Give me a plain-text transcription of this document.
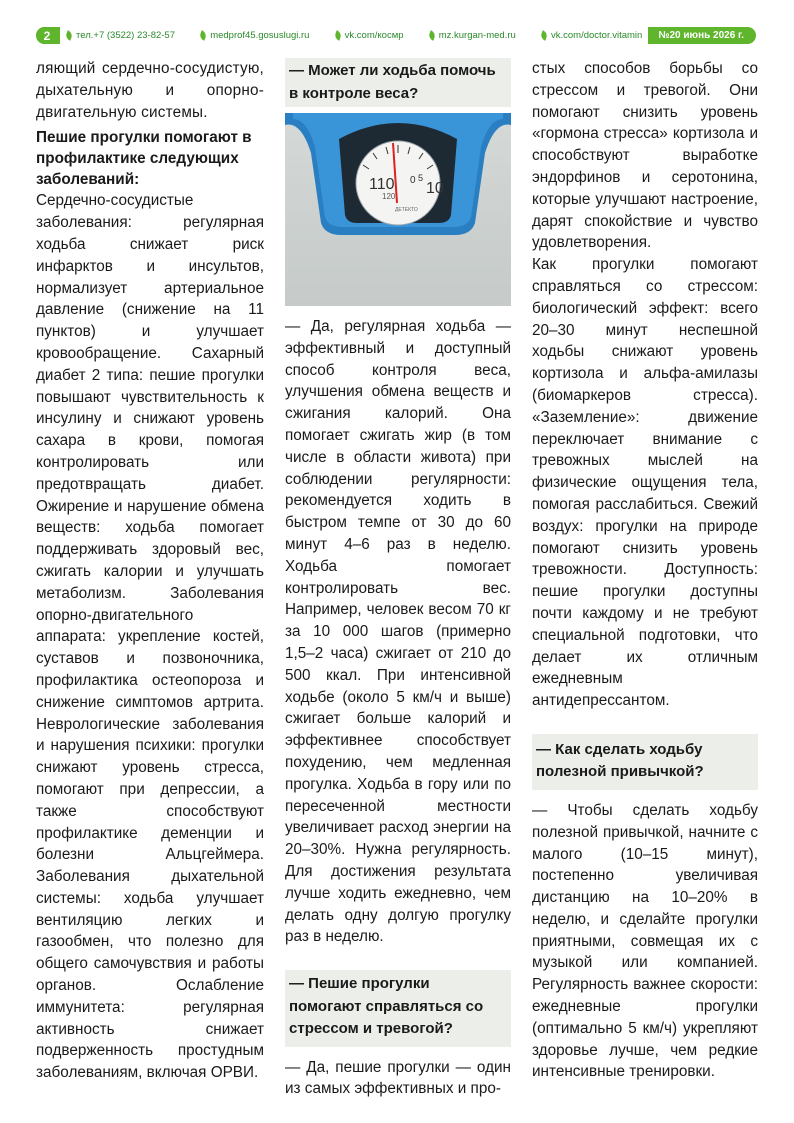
2	тел.+7 (3522) 23-82-57	medprof45.gosuslugi.ru	vk.com/космр	mz.kurgan-med.ru	vk.com/doctor.vitamin	№20 июнь 2026 г.

ляющий сердечно-сосудистую, дыхательную и опорно-двигательную системы.

Пешие прогулки помогают в профилактике следующих заболеваний:

Сердечно-сосудистые заболевания: регулярная ходьба снижает риск инфарктов и инсультов, нормализует артериальное давление (снижение на 11 пунктов) и улучшает кровообращение. Сахарный диабет 2 типа: пешие прогулки повышают чувствительность к инсулину и снижают уровень сахара в крови, помогая контролировать или предотвращать диабет. Ожирение и нарушение обмена веществ: ходьба помогает поддерживать здоровый вес, сжигать калории и улучшать метаболизм. Заболевания опорно-двигательного аппарата: укрепление костей, суставов и позвоночника, профилактика остеопороза и снижение симптомов артрита. Неврологические заболевания и нарушения психики: прогулки снижают уровень стресса, помогают при депрессии, а также способствуют профилактике деменции и болезни Альцгеймера. Заболевания дыхательной системы: ходьба улучшает вентиляцию легких и газообмен, что полезно для общего самочувствия и работы органов. Ослабление иммунитета: регулярная активность снижает подверженность простудным заболеваниям, включая ОРВИ.

— Может ли ходьба помочь в контроле веса?

110
120
0 5
10
ДЕТЕКТО

— Да, регулярная ходьба — эффективный и доступный способ контроля веса, улучшения обмена веществ и сжигания калорий. Она помогает сжигать жир (в том числе в области живота) при соблюдении регулярности: рекомендуется ходить в быстром темпе от 30 до 60 минут 4–6 раз в неделю. Ходьба помогает контролировать вес. Например, человек весом 70 кг за 10 000 шагов (примерно 1,5–2 часа) сжигает от 210 до 500 ккал. При интенсивной ходьбе (около 5 км/ч и выше) сжигает больше калорий и эффективнее способствует похудению, чем медленная прогулка. Ходьба в гору или по пересеченной местности увеличивает расход энергии на 20–30%. Нужна регулярность. Для достижения результата лучше ходить ежедневно, чем делать одну долгую прогулку раз в неделю.

— Пешие прогулки помогают справляться со стрессом и тревогой?

— Да, пешие прогулки — один из самых эффективных и про-

стых способов борьбы со стрессом и тревогой. Они помогают снизить уровень «гормона стресса» кортизола и способствуют выработке эндорфинов и серотонина, которые улучшают настроение, дарят спокойствие и чувство удовлетворения.

Как прогулки помогают справляться со стрессом: биологический эффект: всего 20–30 минут неспешной ходьбы снижают уровень кортизола и альфа-амилазы (биомаркеров стресса). «Заземление»: движение переключает внимание с тревожных мыслей на физические ощущения тела, помогая расслабиться. Свежий воздух: прогулки на природе помогают снизить уровень тревожности. Доступность: пешие прогулки доступны почти каждому и не требуют специальной подготовки, что делает их отличным ежедневным антидепрессантом.

— Как сделать ходьбу полезной привычкой?

— Чтобы сделать ходьбу полезной привычкой, начните с малого (10–15 минут), постепенно увеличивая дистанцию на 10–20% в неделю, и сделайте прогулки приятными, совмещая их с музыкой или компанией. Регулярность важнее скорости: ежедневные прогулки (оптимально 5 км/ч) укрепляют здоровье лучше, чем редкие интенсивные тренировки.
